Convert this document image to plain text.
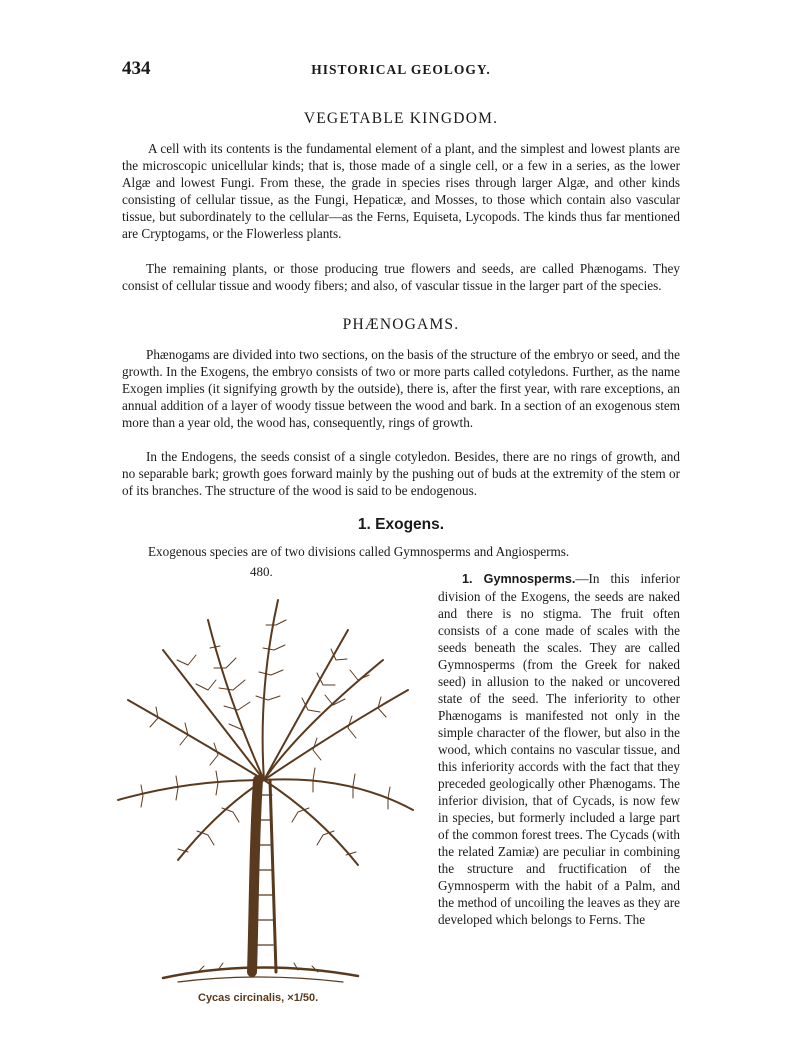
434	HISTORICAL GEOLOGY.
VEGETABLE KINGDOM.

A cell with its contents is the fundamental element of a plant, and the simplest and lowest plants are the microscopic unicellular kinds; that is, those made of a single cell, or a few in a series, as the lower Algæ and lowest Fungi. From these, the grade in species rises through larger Algæ, and other kinds consisting of cellular tissue, as the Fungi, Hepaticæ, and Mosses, to those which contain also vascular tissue, but subordinately to the cellular—as the Ferns, Equiseta, Lycopods. The kinds thus far mentioned are Cryptogams, or the Flowerless plants.

The remaining plants, or those producing true flowers and seeds, are called Phænogams. They consist of cellular tissue and woody fibers; and also, of vascular tissue in the larger part of the species.

PHÆNOGAMS.

Phænogams are divided into two sections, on the basis of the structure of the embryo or seed, and the growth. In the Exogens, the embryo consists of two or more parts called cotyledons. Further, as the name Exogen implies (it signifying growth by the outside), there is, after the first year, with rare exceptions, an annual addition of a layer of woody tissue between the wood and bark. In a section of an exogenous stem more than a year old, the wood has, consequently, rings of growth.

In the Endogens, the seeds consist of a single cotyledon. Besides, there are no rings of growth, and no separable bark; growth goes forward mainly by the pushing out of buds at the extremity of the stem or of its branches. The structure of the wood is said to be endogenous.

1. Exogens.

Exogenous species are of two divisions called Gymnosperms and Angiosperms.

480.
Cycas circinalis, ×1/50.

1. Gymnosperms.—In this inferior division of the Exogens, the seeds are naked and there is no stigma. The fruit often consists of a cone made of scales with the seeds beneath the scales. They are called Gymnosperms (from the Greek for naked seed) in allusion to the naked or uncovered state of the seed. The inferiority to other Phænogams is manifested not only in the simple character of the flower, but also in the wood, which contains no vascular tissue, and this inferiority accords with the fact that they preceded geologically other Phænogams. The inferior division, that of Cycads, is now few in species, but formerly included a large part of the common forest trees. The Cycads (with the related Zamiæ) are peculiar in combining the structure and fructification of the Gymnosperm with the habit of a Palm, and the method of uncoiling the leaves as they are developed which belongs to Ferns. The
